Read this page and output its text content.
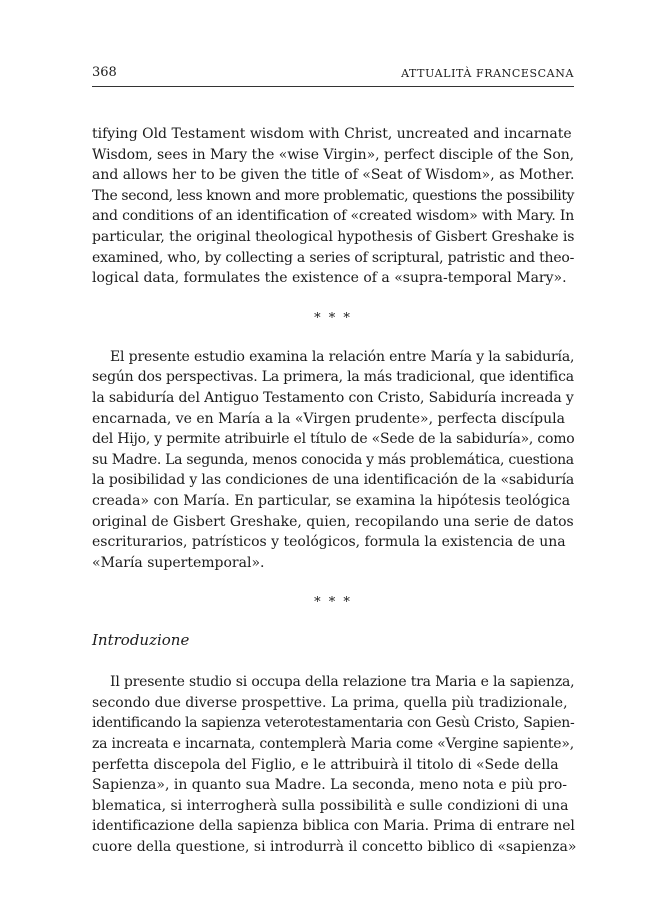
368	ATTUALITÀ FRANCESCANA

tifying Old Testament wisdom with Christ, uncreated and incarnate
Wisdom, sees in Mary the «wise Virgin», perfect disciple of the Son,
and allows her to be given the title of «Seat of Wisdom», as Mother.
The second, less known and more problematic, questions the possibility
and conditions of an identification of «created wisdom» with Mary. In
particular, the original theological hypothesis of Gisbert Greshake is
examined, who, by collecting a series of scriptural, patristic and theo-
logical data, formulates the existence of a «supra-temporal Mary».

* * *

El presente estudio examina la relación entre María y la sabiduría,
según dos perspectivas. La primera, la más tradicional, que identifica
la sabiduría del Antiguo Testamento con Cristo, Sabiduría increada y
encarnada, ve en María a la «Virgen prudente», perfecta discípula
del Hijo, y permite atribuirle el título de «Sede de la sabiduría», como
su Madre. La segunda, menos conocida y más problemática, cuestiona
la posibilidad y las condiciones de una identificación de la «sabiduría
creada» con María. En particular, se examina la hipótesis teológica
original de Gisbert Greshake, quien, recopilando una serie de datos
escriturarios, patrísticos y teológicos, formula la existencia de una
«María supertemporal».

* * *

Introduzione

Il presente studio si occupa della relazione tra Maria e la sapienza,
secondo due diverse prospettive. La prima, quella più tradizionale,
identificando la sapienza veterotestamentaria con Gesù Cristo, Sapien-
za increata e incarnata, contemplerà Maria come «Vergine sapiente»,
perfetta discepola del Figlio, e le attribuirà il titolo di «Sede della
Sapienza», in quanto sua Madre. La seconda, meno nota e più pro-
blematica, si interrogherà sulla possibilità e sulle condizioni di una
identificazione della sapienza biblica con Maria. Prima di entrare nel
cuore della questione, si introdurrà il concetto biblico di «sapienza»
